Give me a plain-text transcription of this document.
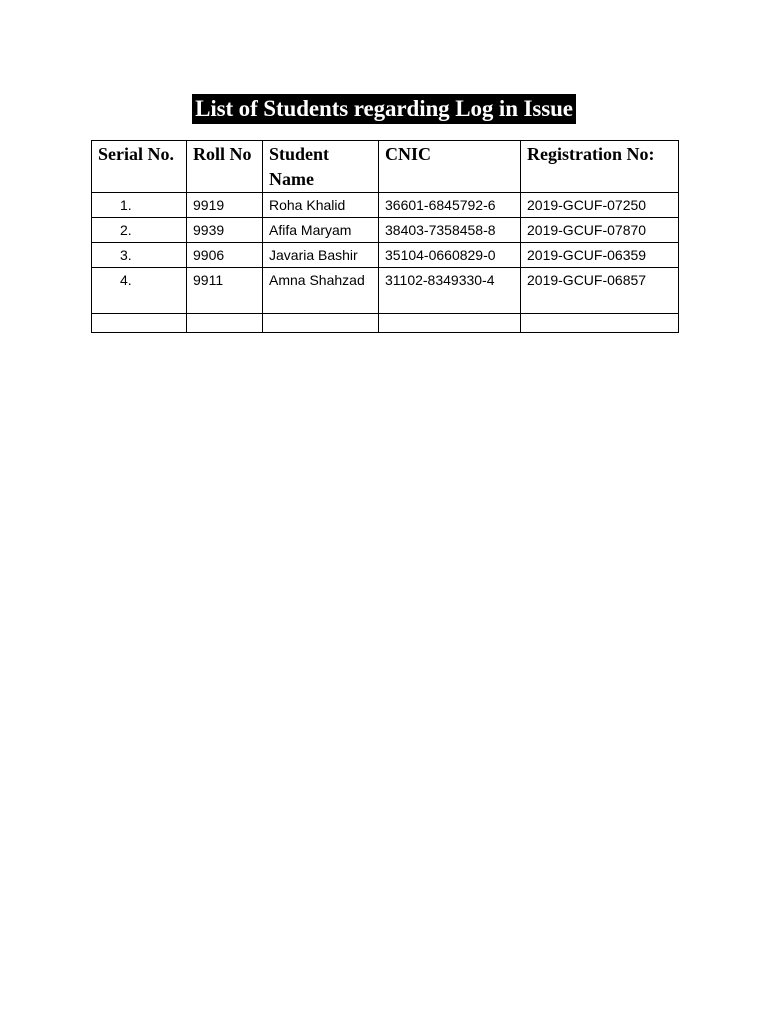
List of Students regarding Log in Issue
Serial No.	Roll No	Student Name	CNIC	Registration No:
1.	9919	Roha Khalid	36601-6845792-6	2019-GCUF-07250
2.	9939	Afifa Maryam	38403-7358458-8	2019-GCUF-07870
3.	9906	Javaria Bashir	35104-0660829-0	2019-GCUF-06359
4.	9911	Amna Shahzad	31102-8349330-4	2019-GCUF-06857
